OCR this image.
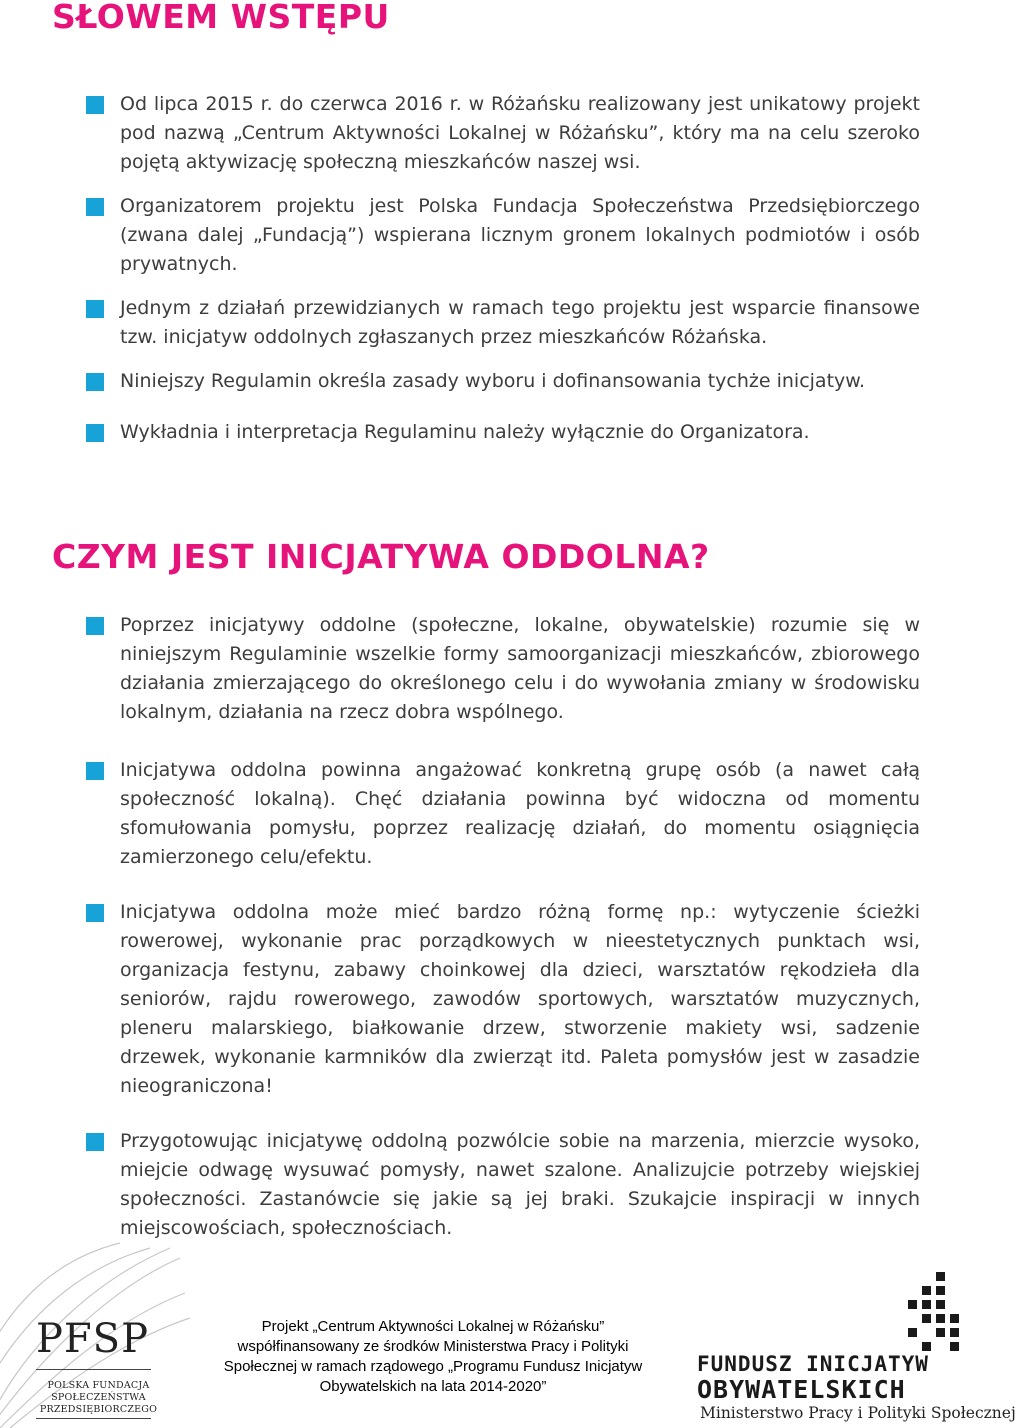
SŁOWEM WSTĘPU

Od lipca 2015 r. do czerwca 2016 r. w Różańsku realizowany jest unikatowy projekt pod nazwą „Centrum Aktywności Lokalnej w Różańsku”, który ma na celu szeroko pojętą aktywizację społeczną mieszkańców naszej wsi.

Organizatorem projektu jest Polska Fundacja Społeczeństwa Przedsiębiorczego (zwana dalej „Fundacją”) wspierana licznym gronem lokalnych podmiotów i osób prywatnych.

Jednym z działań przewidzianych w ramach tego projektu jest wsparcie finansowe tzw. inicjatyw oddolnych zgłaszanych przez mieszkańców Różańska.

Niniejszy Regulamin określa zasady wyboru i dofinansowania tychże inicjatyw.

Wykładnia i interpretacja Regulaminu należy wyłącznie do Organizatora.

CZYM JEST INICJATYWA ODDOLNA?

Poprzez inicjatywy oddolne (społeczne, lokalne, obywatelskie) rozumie się w niniejszym Regulaminie wszelkie formy samoorganizacji mieszkańców, zbiorowego działania zmierzającego do określonego celu i do wywołania zmiany w środowisku lokalnym, działania na rzecz dobra wspólnego.

Inicjatywa oddolna powinna angażować konkretną grupę osób (a nawet całą społeczność lokalną). Chęć działania powinna być widoczna od momentu sfomułowania pomysłu, poprzez realizację działań, do momentu osiągnięcia zamierzonego celu/efektu.

Inicjatywa oddolna może mieć bardzo różną formę np.: wytyczenie ścieżki rowerowej, wykonanie prac porządkowych w nieestetycznych punktach wsi, organizacja festynu, zabawy choinkowej dla dzieci, warsztatów rękodzieła dla seniorów, rajdu rowerowego, zawodów sportowych, warsztatów muzycznych, pleneru malarskiego, białkowanie drzew, stworzenie makiety wsi, sadzenie drzewek, wykonanie karmników dla zwierząt itd. Paleta pomysłów jest w zasadzie nieograniczona!

Przygotowując inicjatywę oddolną pozwólcie sobie na marzenia, mierzcie wysoko, miejcie odwagę wysuwać pomysły, nawet szalone. Analizujcie potrzeby wiejskiej społeczności. Zastanówcie się jakie są jej braki. Szukajcie inspiracji w innych miejscowościach, społecznościach.

PFSP

POLSKA FUNDACJA

SPOŁECZEŃSTWA

PRZEDSIĘBIORCZEGO

Projekt „Centrum Aktywności Lokalnej w Różańsku”
współfinansowany ze środków Ministerstwa Pracy i Polityki
Społecznej w ramach rządowego „Programu Fundusz Inicjatyw
Obywatelskich na lata 2014-2020”

FUNDUSZ INICJATYW

OBYWATELSKICH

Ministerstwo Pracy i Polityki Społecznej
